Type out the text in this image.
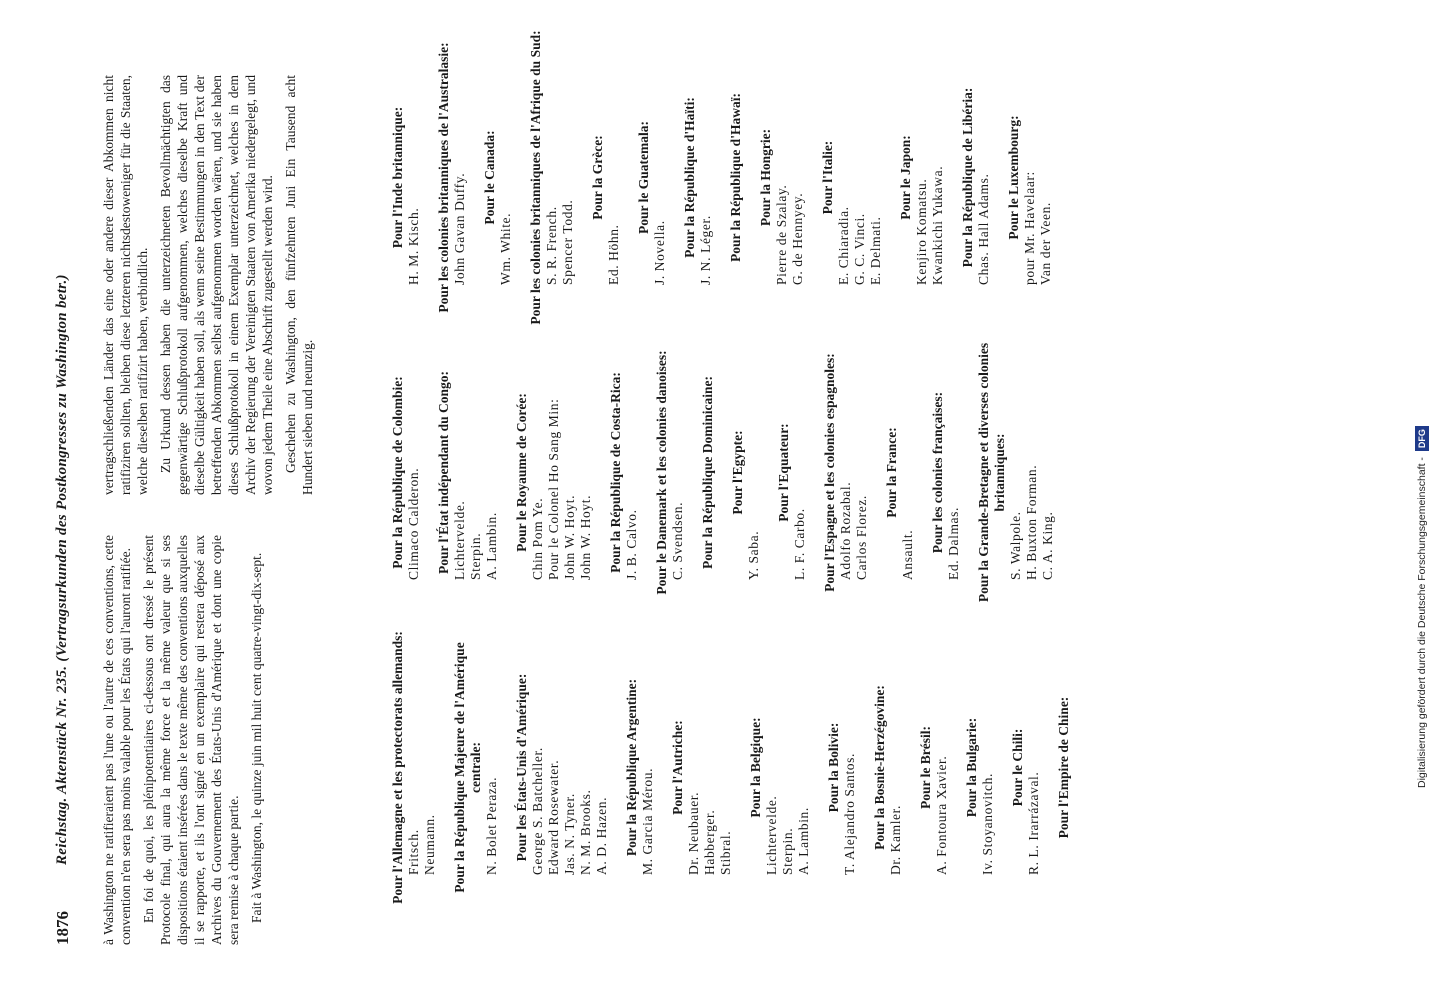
1876
Reichstag. Aktenstück Nr. 235. (Vertragsurkunden des Postkongresses zu Washington betr.) à Washington ne ratifieraient pas l'une ou l'autre de ces conventions, cette convention n'en sera pas moins valable pour les États qui l'auront ratifiée. En foi de quoi, les plénipotentiaires ci-dessous ont dressé le présent Protocole final, qui aura la même force et la même valeur que si ses dispositions étaient insérées dans le texte même des conventions auxquelles il se rapporte, et ils l'ont signé en un exemplaire qui restera déposé aux Archives du Gouvernement des États-Unis d'Amérique et dont une copie sera remise à chaque partie. Fait à Washington, le quinze juin mil huit cent quatre-vingt-dix-sept.

vertragschließenden Länder das eine oder andere dieser Abkommen nicht ratifiziren sollten, bleiben diese letzteren nichtsdestoweniger für die Staaten, welche dieselben ratifizirt haben, verbindlich. Zu Urkund dessen haben die unterzeichneten Bevollmächtigten das gegenwärtige Schlußprotokoll aufgenommen, welches dieselbe Kraft und dieselbe Gültigkeit haben soll, als wenn seine Bestimmungen in den Text der betreffenden Abkommen selbst aufgenommen worden wären, und sie haben dieses Schlußprotokoll in einem Exemplar unterzeichnet, welches in dem Archiv der Regierung der Vereinigten Staaten von Amerika niedergelegt, und wovon jedem Theile eine Abschrift zugestellt werden wird. Geschehen zu Washington, den fünfzehnten Juni Ein Tausend acht Hundert sieben und neunzig.

Pour l'Allemagne et les protectorats allemands: Fritsch. Neumann. Pour la République Majeure de l'Amérique centrale:
N. Bolet Peraza. Pour les États-Unis d'Amérique: George S. Batcheller. Edward Rosewater. Jas. N. Tyner. N. M. Brooks. A. D. Hazen. Pour la République Argentine: M. Garcia Mérou.
Pour l'Autriche:
Dr. Neubauer. Habberger. Stibral.
Pour la Belgique:
Lichtervelde. Sterpin. A. Lambin.
Pour la Bolivie: T. Alejandro Santos. Pour la Bosnie-Herzégovine: Dr. Kamler.
Pour le Brésil: A. Fontoura Xavier. Pour la Bulgarie:
Iv. Stoyanovitch.
Pour le Chili:
R. L. Irarrázaval. Pour l'Empire de Chine:
Pour la République de Colombie: Climaco Calderon. Pour l'État indépendant du Congo: Lichtervelde. Sterpin. A. Lambin. Pour le Royaume de Corée: Chin Pom Ye. Pour le Colonel Ho Sang Min: John W. Hoyt. John W. Hoyt. Pour la République de Costa-Rica: J. B. Calvo. Pour le Danemark et les colonies danoises: C. Svendsen. Pour la République Dominicaine: Pour l'Egypte:
Y. Saba.
Pour l'Equateur:
L. F. Carbo. Pour l'Espagne et les colonies espagnoles: Adolfo Rozabal. Carlos Florez.
Pour la France:
Ansault.
Pour les colonies françaises: Ed. Dalmas. Pour la Grande-Bretagne et diverses colonies britanniques:
S. Walpole. H. Buxton Forman. C. A. King.
Pour l'Inde britannique: H. M. Kisch. Pour les colonies britanniques de l'Australasie: John Gavan Duffy. Pour le Canada:
Wm. White. Pour les colonies britanniques de l'Afrique du Sud: S. R. French. Spencer Todd.
Pour la Grèce:
Ed. Höhn.
Pour le Guatemala:
J. Novella. Pour la République d'Haïti: J. N. Léger. Pour la République d'Hawaï: Pour la Hongrie:
Pierre de Szalay. G. de Hennyey.
Pour l'Italie:
E. Chiaradia. G. C. Vinci. E. Delmati.
Pour le Japon:
Kenjiro Komatsu. Kwankichi Yukawa. Pour la République de Libéria: Chas. Hall Adams. Pour le Luxembourg: pour Mr. Havelaar: Van der Veen.
Digitalisierung gefördert durch die Deutsche Forschungsgemeinschaft -DFG
